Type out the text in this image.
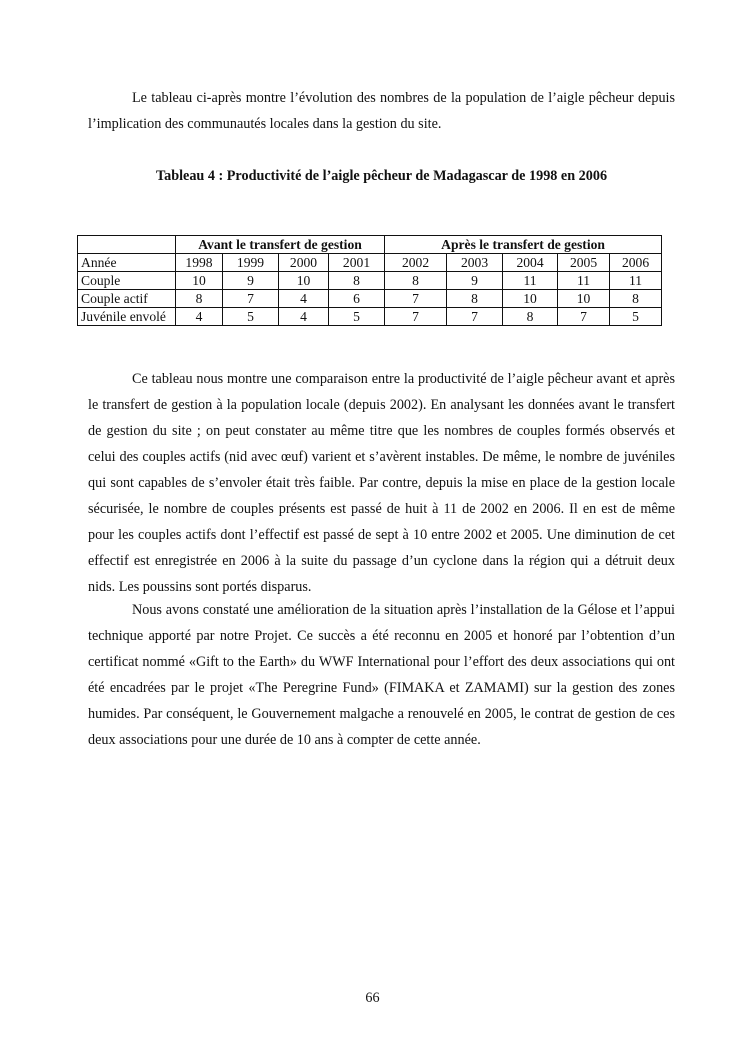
Le tableau ci-après montre l’évolution des nombres de la population de l’aigle pêcheur depuis l’implication des communautés locales dans la gestion du site.

Tableau 4 : Productivité de l’aigle pêcheur de Madagascar de 1998 en 2006

	Avant le transfert de gestion				Après le transfert de gestion				
Année	1998	1999	2000	2001	2002	2003	2004	2005	2006
Couple	10	9	10	8	8	9	11	11	11
Couple actif	8	7	4	6	7	8	10	10	8
Juvénile envolé	4	5	4	5	7	7	8	7	5

Ce tableau nous montre une comparaison entre la productivité de l’aigle pêcheur avant et après le transfert de gestion à la population locale (depuis 2002). En analysant les données avant le transfert de gestion du site ; on peut constater au même titre que les nombres de couples formés observés et celui des couples actifs (nid avec œuf) varient et s’avèrent instables. De même, le nombre de juvéniles qui sont capables de s’envoler était très faible. Par contre, depuis la mise en place de la gestion locale sécurisée, le nombre de couples présents est passé de huit à 11 de 2002 en 2006. Il en est de même pour les couples actifs dont l’effectif est passé de sept à 10 entre 2002 et 2005. Une diminution de cet effectif est enregistrée en 2006 à la suite du passage d’un cyclone dans la région qui a détruit deux nids. Les poussins sont portés disparus.

Nous avons constaté une amélioration de la situation après l’installation de la Gélose et l’appui technique apporté par notre Projet. Ce succès a été reconnu en 2005 et honoré par l’obtention d’un certificat nommé «Gift to the Earth» du WWF International pour l’effort des deux associations qui ont été encadrées par le projet «The Peregrine Fund» (FIMAKA et ZAMAMI) sur la gestion des zones humides. Par conséquent, le Gouvernement malgache a renouvelé en 2005, le contrat de gestion de ces deux associations pour une durée de 10 ans à compter de cette année.

66
